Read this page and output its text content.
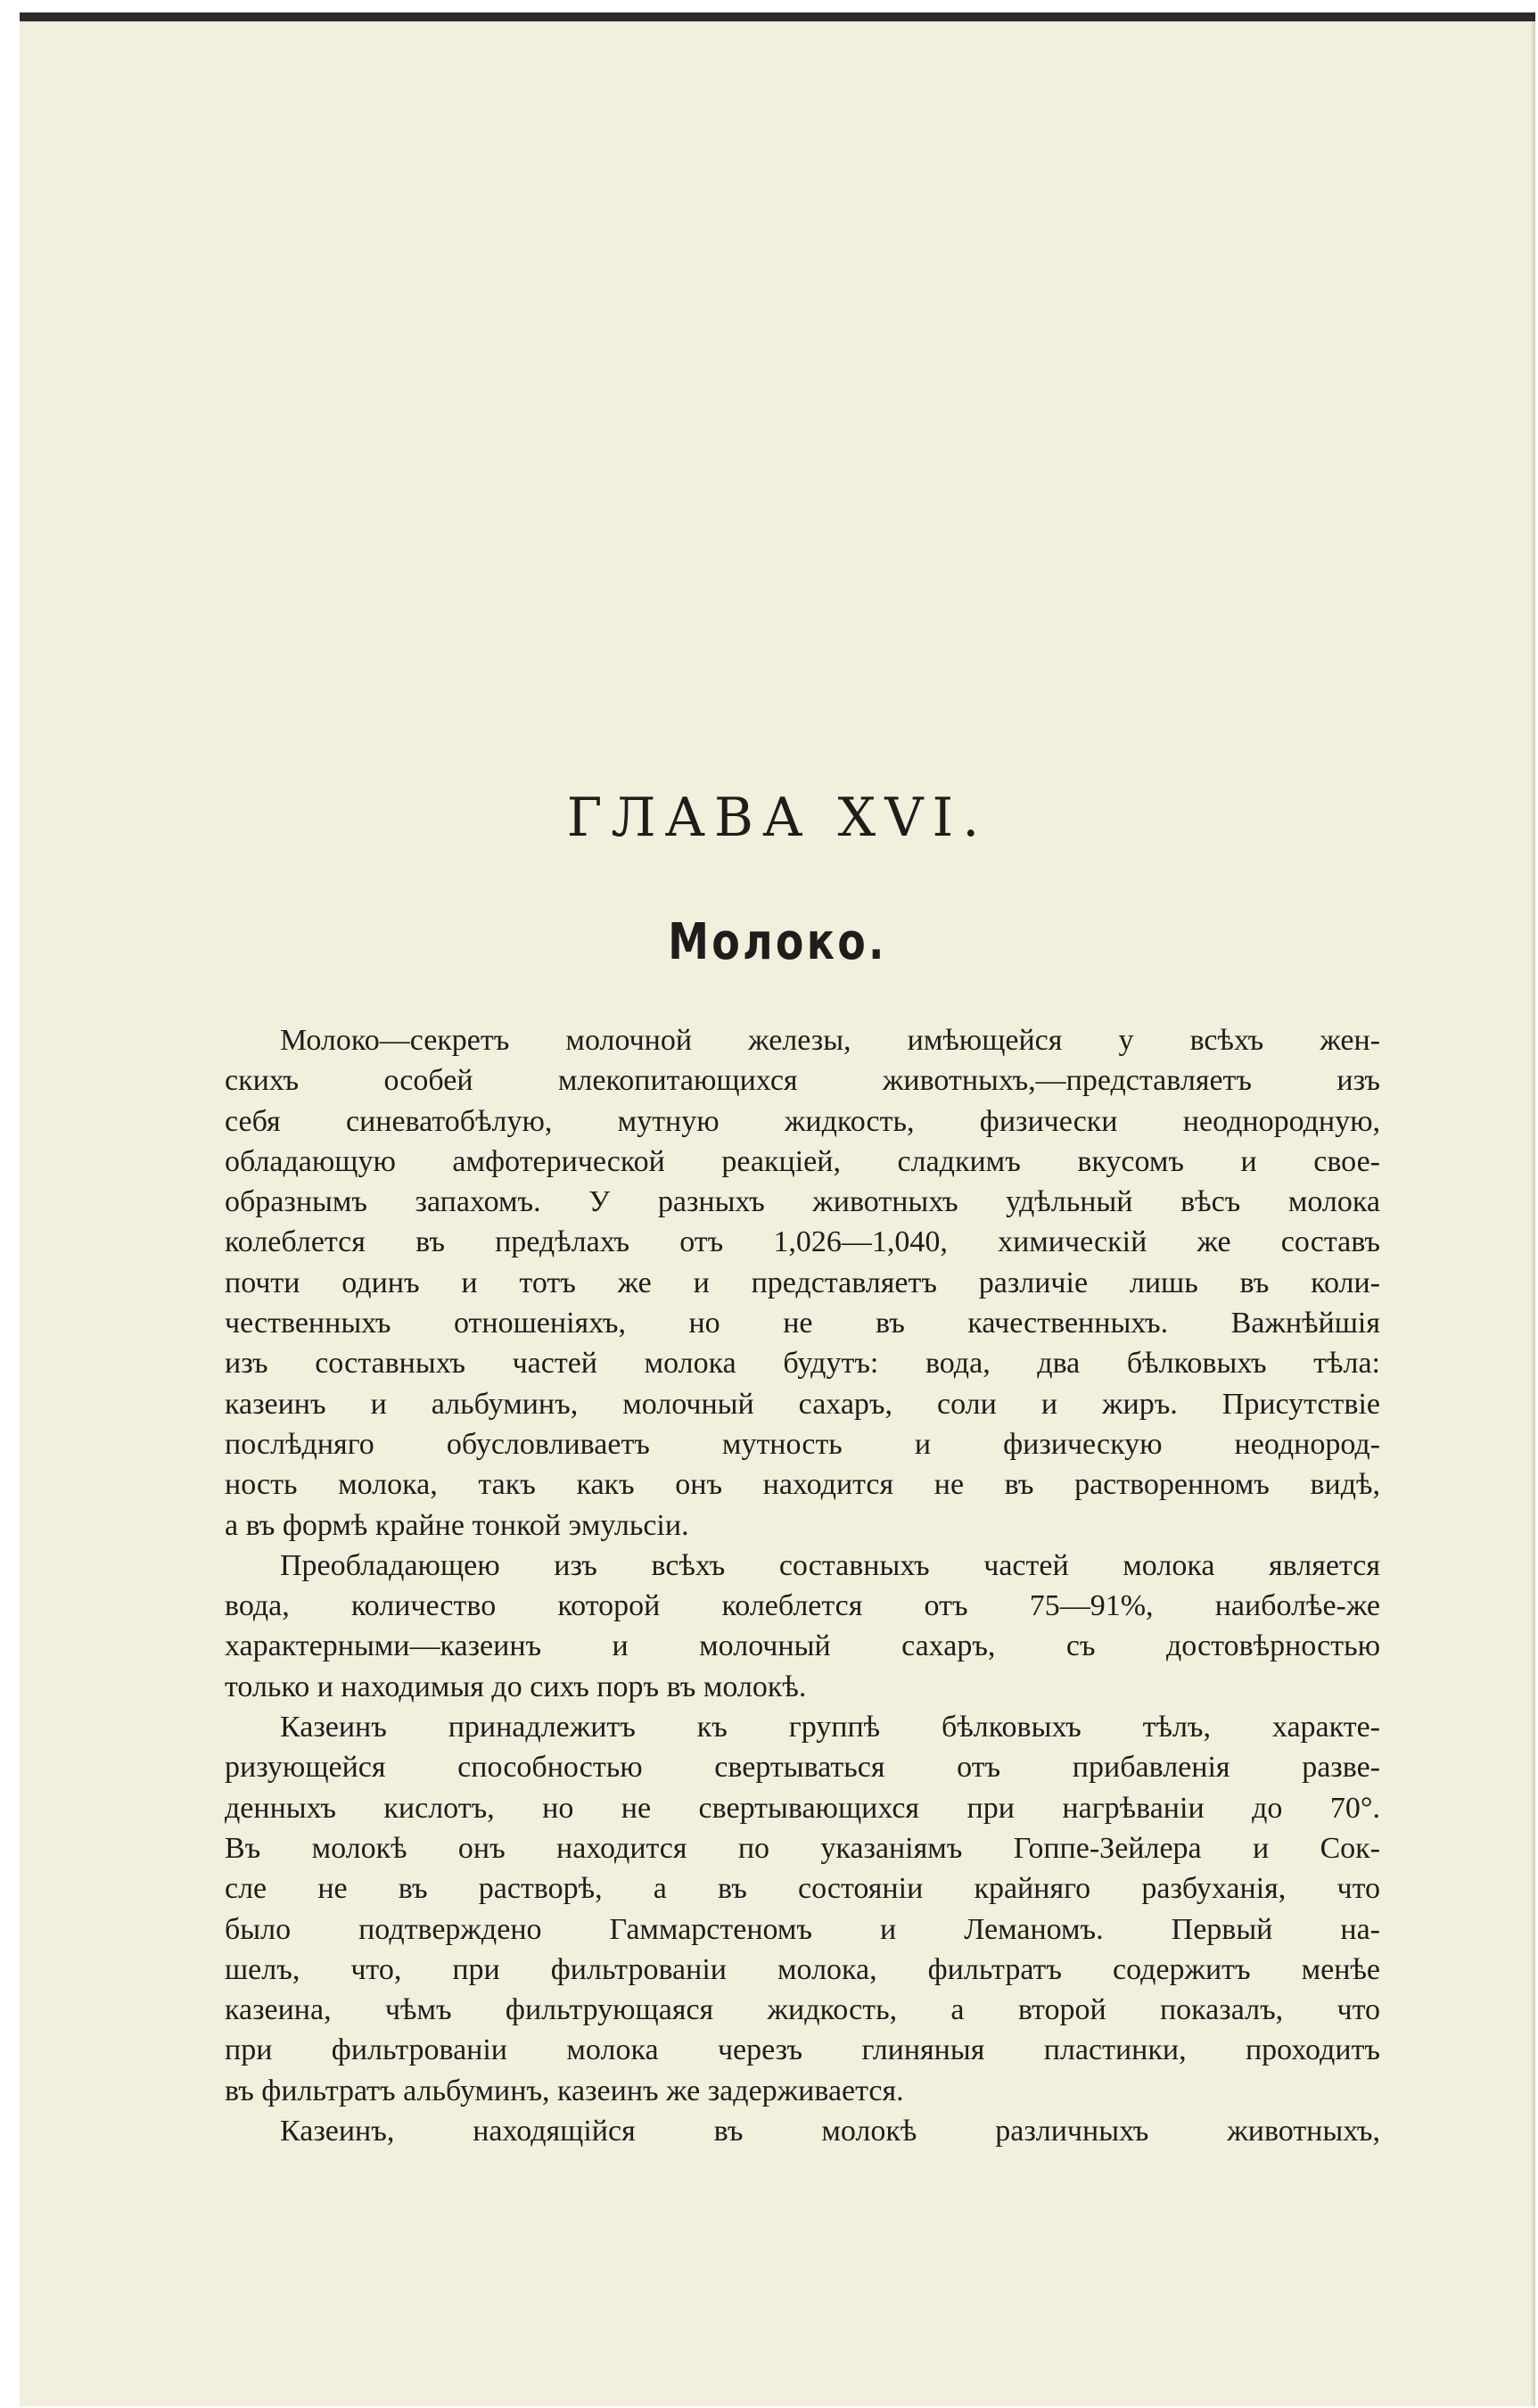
ГЛАВА XVI.
Молоко.
Молоко—секретъ молочной железы, имѣющейся у всѣхъ жен-
скихъ особей млекопитающихся животныхъ,—представляетъ изъ
себя синеватобѣлую, мутную жидкость, физически неоднородную,
обладающую амфотерической реакціей, сладкимъ вкусомъ и свое-
образнымъ запахомъ. У разныхъ животныхъ удѣльный вѣсъ молока
колеблется въ предѣлахъ отъ 1,026—1,040, химическій же составъ
почти одинъ и тотъ же и представляетъ различіе лишь въ коли-
чественныхъ отношеніяхъ, но не въ качественныхъ. Важнѣйшія
изъ составныхъ частей молока будутъ: вода, два бѣлковыхъ тѣла:
казеинъ и альбуминъ, молочный сахаръ, соли и жиръ. Присутствіе
послѣдняго обусловливаетъ мутность и физическую неоднород-
ность молока, такъ какъ онъ находится не въ растворенномъ видѣ,
а въ формѣ крайне тонкой эмульсіи.
Преобладающею изъ всѣхъ составныхъ частей молока является
вода, количество которой колеблется отъ 75—91%, наиболѣе-же
характерными—казеинъ и молочный сахаръ, съ достовѣрностью
только и находимыя до сихъ поръ въ молокѣ.
Казеинъ принадлежитъ къ группѣ бѣлковыхъ тѣлъ, характе-
ризующейся способностью свертываться отъ прибавленія разве-
денныхъ кислотъ, но не свертывающихся при нагрѣваніи до 70°.
Въ молокѣ онъ находится по указаніямъ Гоппе-Зейлера и Сок-
сле не въ растворѣ, а въ состояніи крайняго разбуханія, что
было подтверждено Гаммарстеномъ и Леманомъ. Первый на-
шелъ, что, при фильтрованіи молока, фильтратъ содержитъ менѣе
казеина, чѣмъ фильтрующаяся жидкость, а второй показалъ, что
при фильтрованіи молока черезъ глиняныя пластинки, проходитъ
въ фильтратъ альбуминъ, казеинъ же задерживается.
Казеинъ, находящійся въ молокѣ различныхъ животныхъ,
